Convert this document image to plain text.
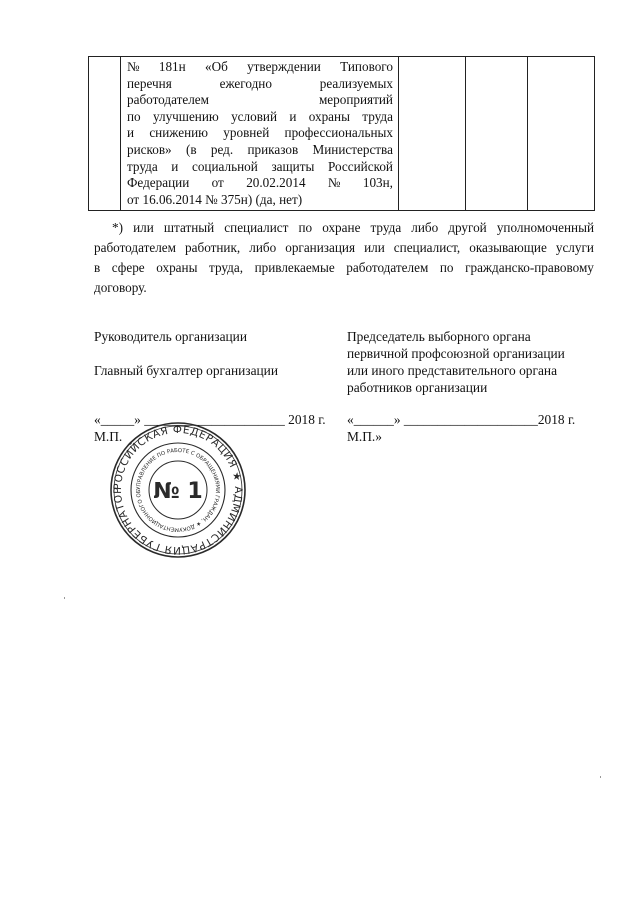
№ 181н «Об утверждении Типового
перечня	ежегодно	реализуемых
работодателем	мероприятий
по улучшению условий и охраны труда
и снижению уровней профессиональных
рисков» (в ред. приказов Министерства
труда и социальной защиты Российской
Федерации от 20.02.2014 № 103н,
от 16.06.2014 № 375н) (да, нет)
*) или штатный специалист по охране труда либо другой уполномоченный
работодателем работник, либо организация или специалист, оказывающие услуги
в сфере охраны труда, привлекаемые работодателем по гражданско-правовому
договору.
Руководитель организации
Главный бухгалтер организации
Председатель выборного органа
первичной профсоюзной организации
или иного представительного органа
работников организации
«_____» _____________________ 2018 г. «______» ____________________2018 г.
М.П.	М.П.»
РОССИЙСКАЯ ФЕДЕРАЦИЯ ★ АДМИНИСТРАЦИЯ ГУБЕРНАТОР	УПРАВЛЕНИЕ ПО РАБОТЕ С ОБРАЩЕНИЯМИ ГРАЖДАН, ★ ДОКУМЕНТАЦИОННОГО ОБ № 1
